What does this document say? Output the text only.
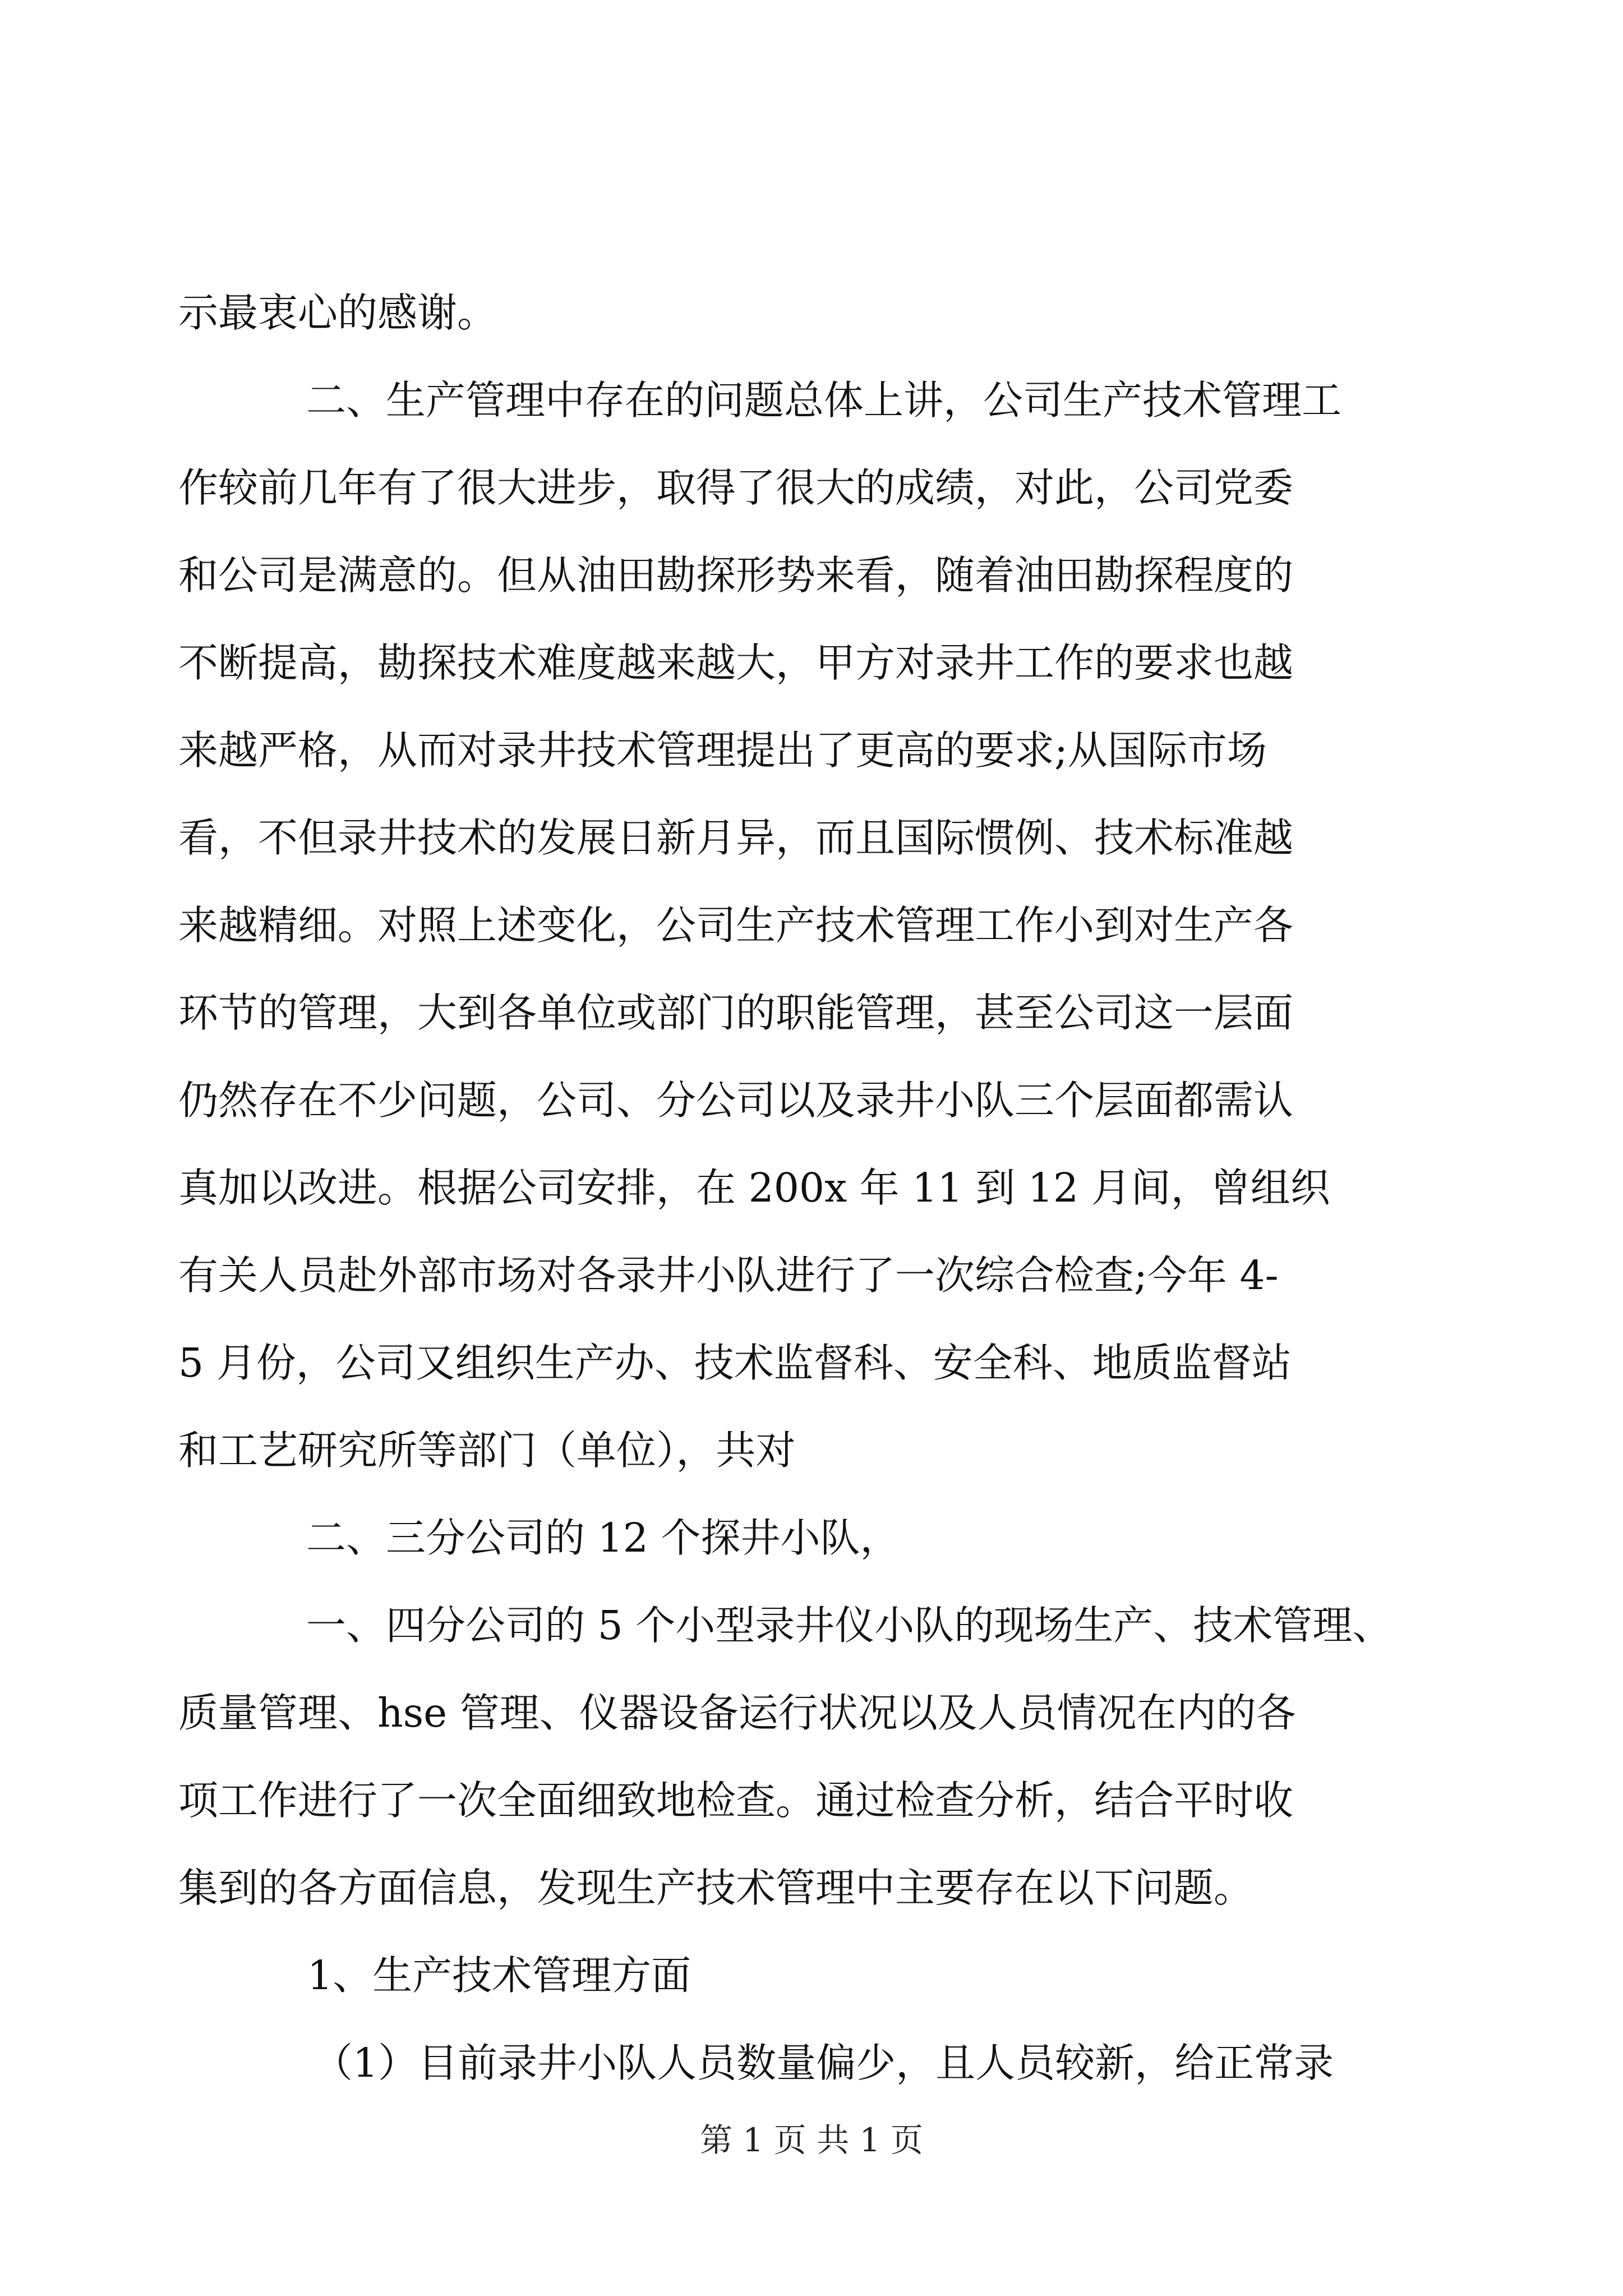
示最衷心的感谢。
二、生产管理中存在的问题总体上讲，公司生产技术管理工
作较前几年有了很大进步，取得了很大的成绩，对此，公司党委
和公司是满意的。但从油田勘探形势来看，随着油田勘探程度的
不断提高，勘探技术难度越来越大，甲方对录井工作的要求也越
来越严格，从而对录井技术管理提出了更高的要求;从国际市场
看，不但录井技术的发展日新月异，而且国际惯例、技术标准越
来越精细。对照上述变化，公司生产技术管理工作小到对生产各
环节的管理，大到各单位或部门的职能管理，甚至公司这一层面
仍然存在不少问题，公司、分公司以及录井小队三个层面都需认
真加以改进。根据公司安排，在 200x 年 11 到 12 月间，曾组织
有关人员赴外部市场对各录井小队进行了一次综合检查;今年 4-
5 月份，公司又组织生产办、技术监督科、安全科、地质监督站
和工艺研究所等部门（单位），共对
二、三分公司的 12 个探井小队，
一、四分公司的 5 个小型录井仪小队的现场生产、技术管理、
质量管理、hse 管理、仪器设备运行状况以及人员情况在内的各
项工作进行了一次全面细致地检查。通过检查分析，结合平时收
集到的各方面信息，发现生产技术管理中主要存在以下问题。
1、生产技术管理方面
（1）目前录井小队人员数量偏少，且人员较新，给正常录
第 1 页 共 1 页
